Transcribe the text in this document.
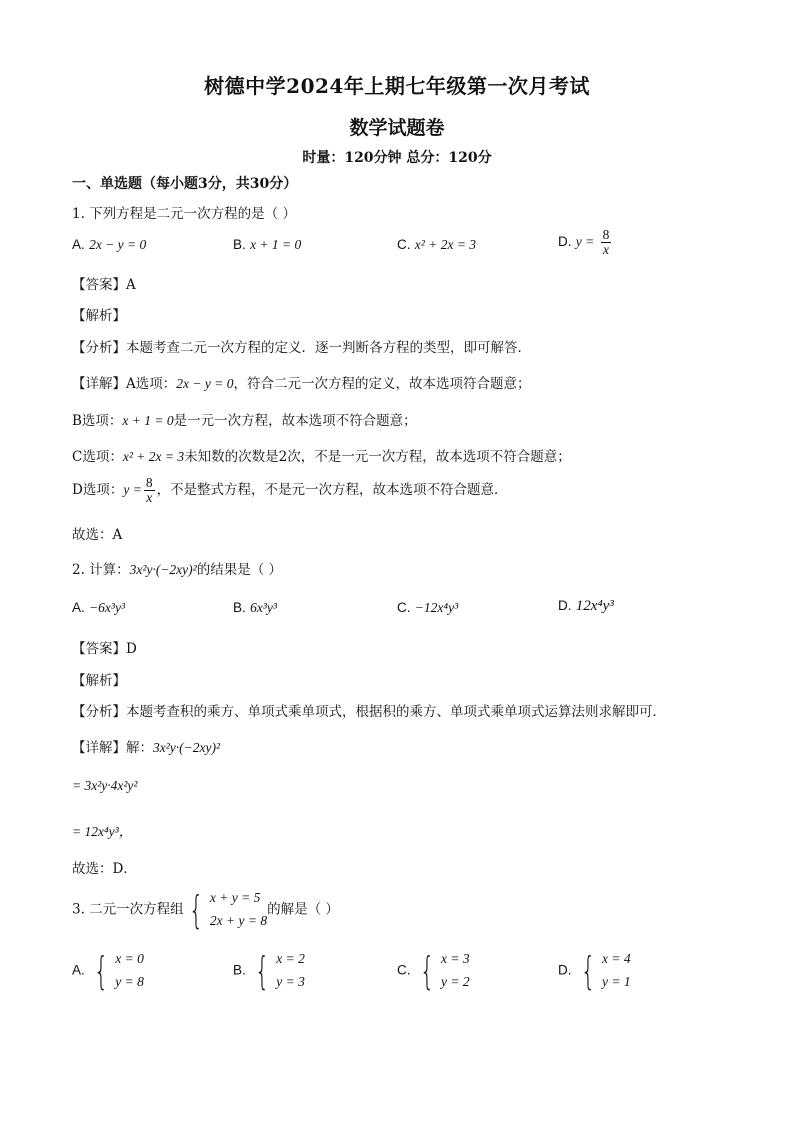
树德中学2024年上期七年级第一次月考试
数学试题卷
时量：120分钟 总分：120分
一、单选题（每小题3分，共30分）
1. 下列方程是二元一次方程的是（ ）
A. 2x − y = 0	B. x + 1 = 0	C. x² + 2x = 3	D. $y = \frac{8}{x}$
【答案】A
【解析】
【分析】本题考查二元一次方程的定义．逐一判断各方程的类型，即可解答．
【详解】A选项：2x − y = 0，符合二元一次方程的定义，故本选项符合题意；
B选项：x + 1 = 0是一元一次方程，故本选项不符合题意；
C选项：x² + 2x = 3未知数的次数是2次，不是一元一次方程，故本选项不符合题意；
D选项：$y = \frac{8}{x}$ ，不是整式方程，不是元一次方程，故本选项不符合题意．
故选：A
2. 计算：3x²y·(−2xy)²的结果是（ ）
A. −6x³y³	B. 6x³y³	C. −12x⁴y³	D. 12x⁴y³
【答案】D
【解析】
【分析】本题考查积的乘方、单项式乘单项式，根据积的乘方、单项式乘单项式运算法则求解即可．
【详解】解：3x²y·(−2xy)²
= 3x²y·4x²y²
= 12x⁴y³，
故选：D．
3. 二元一次方程组 { x + y = 5
2x + y = 8
的解是（ ）
A. { x = 0
y = 8
B. { x = 2
y = 3
C. { x = 3
y = 2
D. { x = 4
y = 1
